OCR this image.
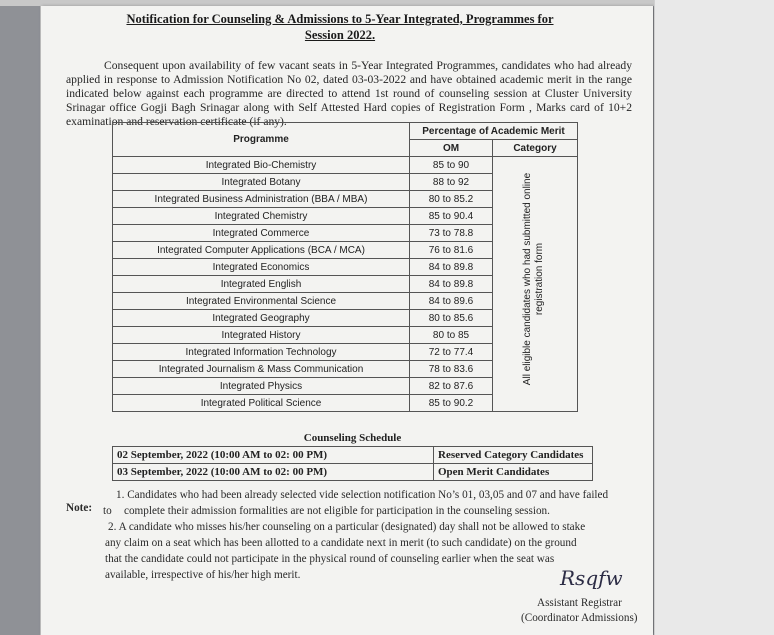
Notification for Counseling & Admissions to 5-Year Integrated, Programmes for
Session 2022.

Consequent upon availability of few vacant seats in 5-Year Integrated Programmes, candidates who had already applied in response to Admission Notification No 02, dated 03-03-2022 and have obtained academic merit in the range indicated below against each programme are directed to attend 1st round of counseling session at Cluster University Srinagar office Gogji Bagh Srinagar along with Self Attested Hard copies of Registration Form , Marks card of 10+2 examination and reservation certificate (if any).

Programme	Percentage of Academic Merit	
	OM	Category
Integrated Bio-Chemistry	85 to 90	All eligible candidates who had submitted online registration form

Integrated Botany	88 to 92	
Integrated Business Administration (BBA / MBA)	80 to 85.2	
Integrated Chemistry	85 to 90.4	
Integrated Commerce	73 to 78.8	
Integrated Computer Applications (BCA / MCA)	76 to 81.6	
Integrated Economics	84 to 89.8	
Integrated English	84 to 89.8	
Integrated Environmental Science	84 to 89.6	
Integrated Geography	80 to 85.6	
Integrated History	80 to 85	
Integrated Information Technology	72 to 77.4	
Integrated Journalism & Mass Communication	78 to 83.6	
Integrated Physics	82 to 87.6	
Integrated Political Science	85 to 90.2	
Counseling Schedule	
02 September, 2022 (10:00 AM to 02: 00 PM)	Reserved Category Candidates
03 September, 2022 (10:00 AM to 02: 00 PM)	Open Merit Candidates
Note:
1. Candidates who had been already selected vide selection notification No’s 01, 03,05 and 07 and have failed
to complete their admission formalities are not eligible for participation in the counseling session.
2. A candidate who misses his/her counseling on a particular (designated) day shall not be allowed to stake
any claim on a seat which has been allotted to a candidate next in merit (to such candidate) on the ground
that the candidate could not participate in the physical round of counseling earlier when the seat was
available, irrespective of his/her high merit.	Rsqfw
Assistant Registrar
(Coordinator Admissions)
